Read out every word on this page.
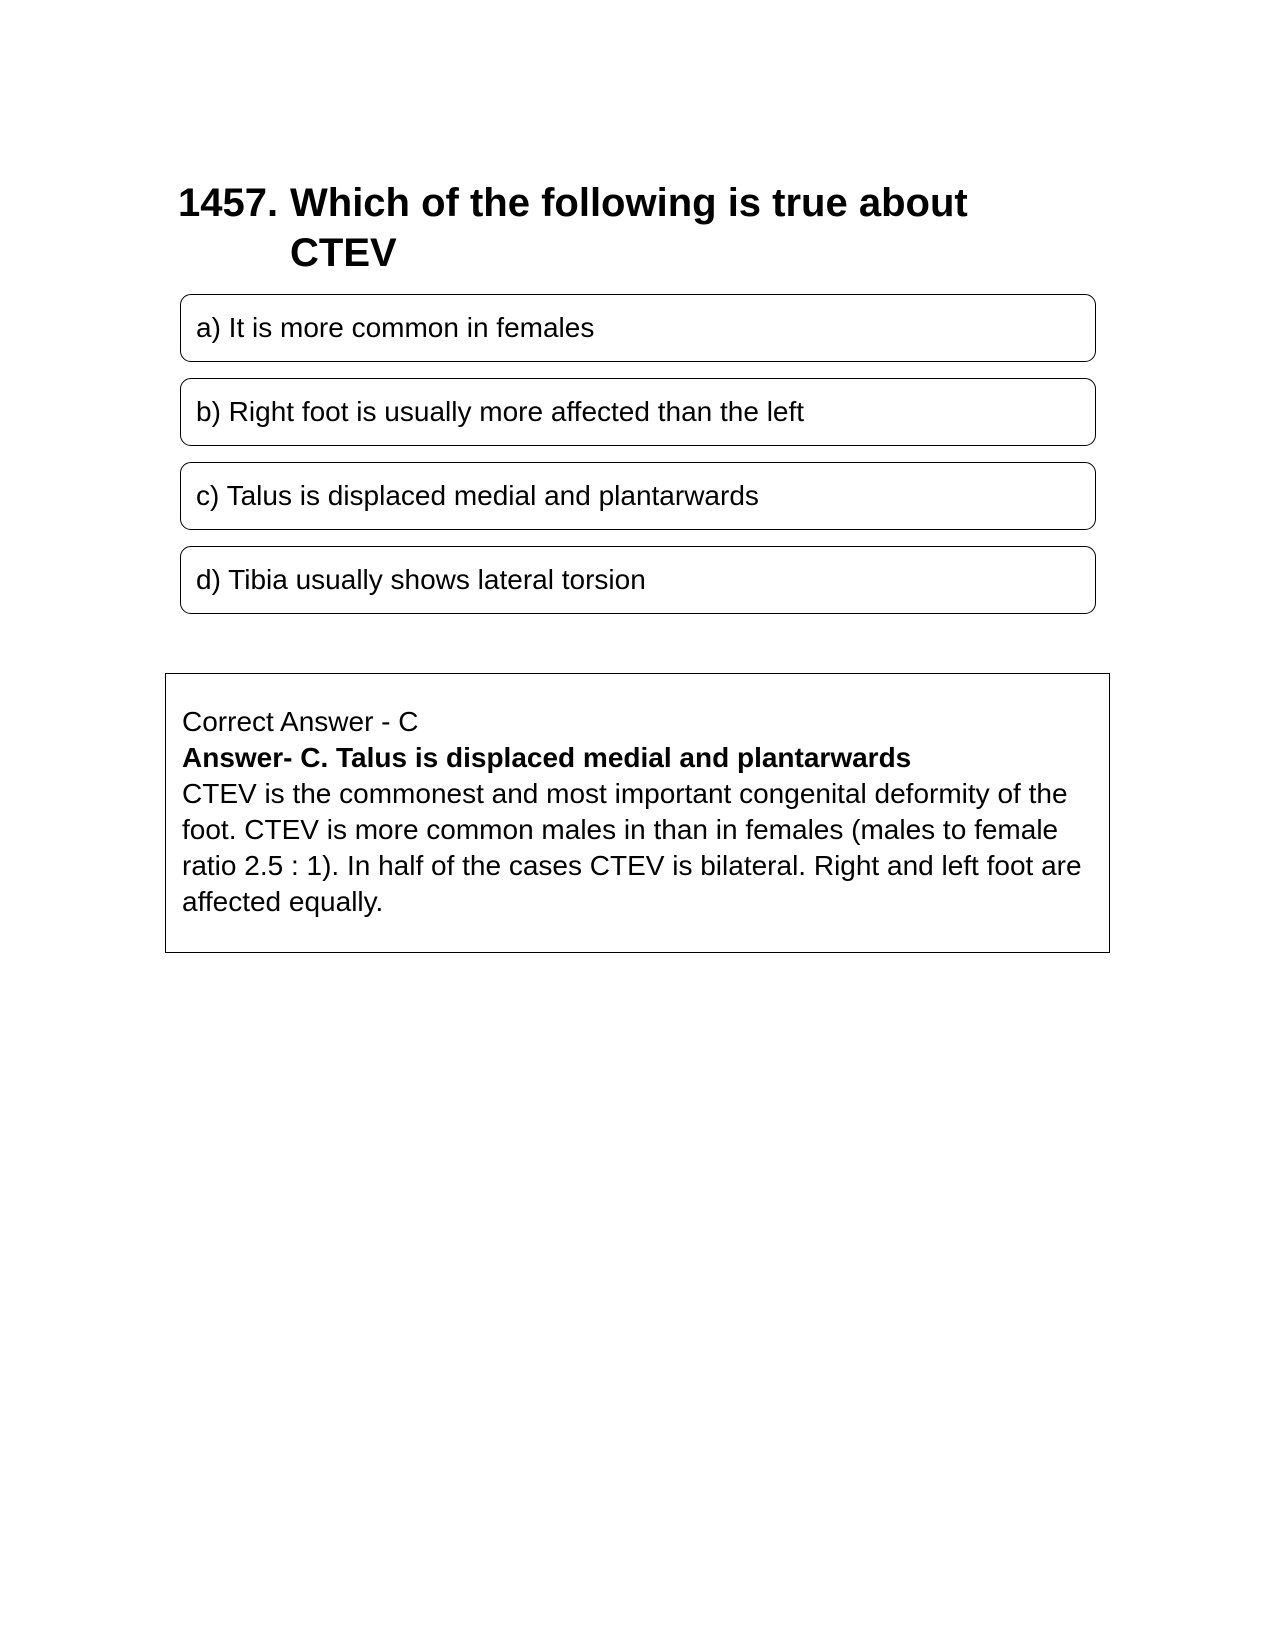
1457. Which of the following is true about CTEV
a) It is more common in females
b) Right foot is usually more affected than the left
c) Talus is displaced medial and plantarwards
d) Tibia usually shows lateral torsion

Correct Answer - C

Answer- C. Talus is displaced medial and plantarwards

CTEV is the commonest and most important congenital deformity of the foot. CTEV is more common males in than in females (males to female ratio 2.5 : 1). In half of the cases CTEV is bilateral. Right and left foot are affected equally.
